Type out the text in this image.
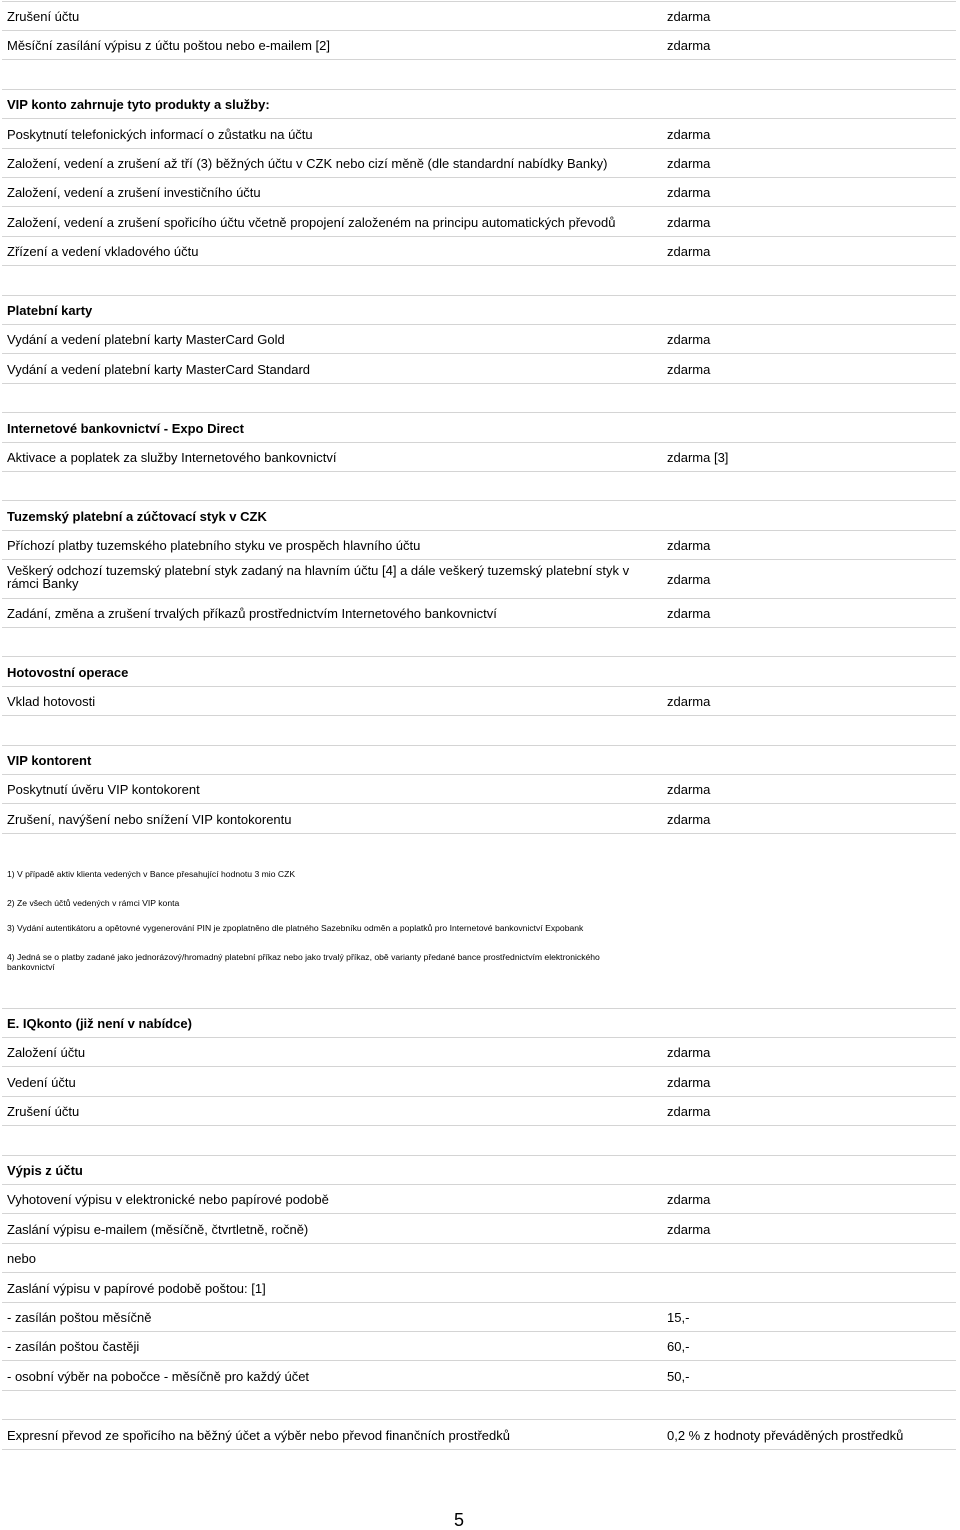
Zrušení účtu	zdarma
Měsíční zasílání výpisu z účtu poštou nebo e-mailem [2]	zdarma
VIP konto zahrnuje tyto produkty a služby:
Poskytnutí telefonických informací o zůstatku na účtu	zdarma
Založení, vedení a zrušení až tří (3) běžných účtu v CZK nebo cizí měně (dle standardní nabídky Banky)	zdarma
Založení, vedení a zrušení investičního účtu	zdarma
Založení, vedení a zrušení spořicího účtu včetně propojení založeném na principu automatických převodů	zdarma
Zřízení a vedení vkladového účtu	zdarma
Platební karty
Vydání a vedení platební karty MasterCard Gold	zdarma
Vydání a vedení platební karty MasterCard Standard	zdarma
Internetové bankovnictví - Expo Direct
Aktivace a poplatek za služby Internetového bankovnictví	zdarma [3]
Tuzemský platební a zúčtovací styk v CZK
Příchozí platby tuzemského platebního styku ve prospěch hlavního účtu	zdarma
Veškerý odchozí tuzemský platební styk zadaný na hlavním účtu [4] a dále veškerý tuzemský platební styk v rámci Banky	zdarma
Zadání, změna a zrušení trvalých příkazů prostřednictvím Internetového bankovnictví	zdarma
Hotovostní operace
Vklad hotovosti	zdarma
VIP kontorent
Poskytnutí úvěru VIP kontokorent	zdarma
Zrušení, navýšení nebo snížení VIP kontokorentu	zdarma
1) V případě aktiv klienta vedených v Bance přesahující hodnotu 3 mio CZK
2) Ze všech účtů vedených v rámci VIP konta
3) Vydání autentikátoru a opětovné vygenerování PIN je zpoplatněno dle platného Sazebníku odměn a poplatků pro Internetové bankovnictví Expobank
4) Jedná se o platby zadané jako jednorázový/hromadný platební příkaz nebo jako trvalý příkaz, obě varianty předané bance prostřednictvím elektronického bankovnictví
E. IQkonto (již není v nabídce)
Založení účtu	zdarma
Vedení účtu	zdarma
Zrušení účtu	zdarma
Výpis z účtu
Vyhotovení výpisu v elektronické nebo papírové podobě	zdarma
Zaslání výpisu e-mailem (měsíčně, čtvrtletně, ročně)	zdarma
nebo
Zaslání výpisu v papírové podobě poštou: [1]
- zasílán poštou měsíčně	15,-
- zasílán poštou častěji	60,-
- osobní výběr na pobočce - měsíčně pro každý účet	50,-
Expresní převod ze spořicího na běžný účet a výběr nebo převod finančních prostředků	0,2 % z hodnoty převáděných prostředků
5
